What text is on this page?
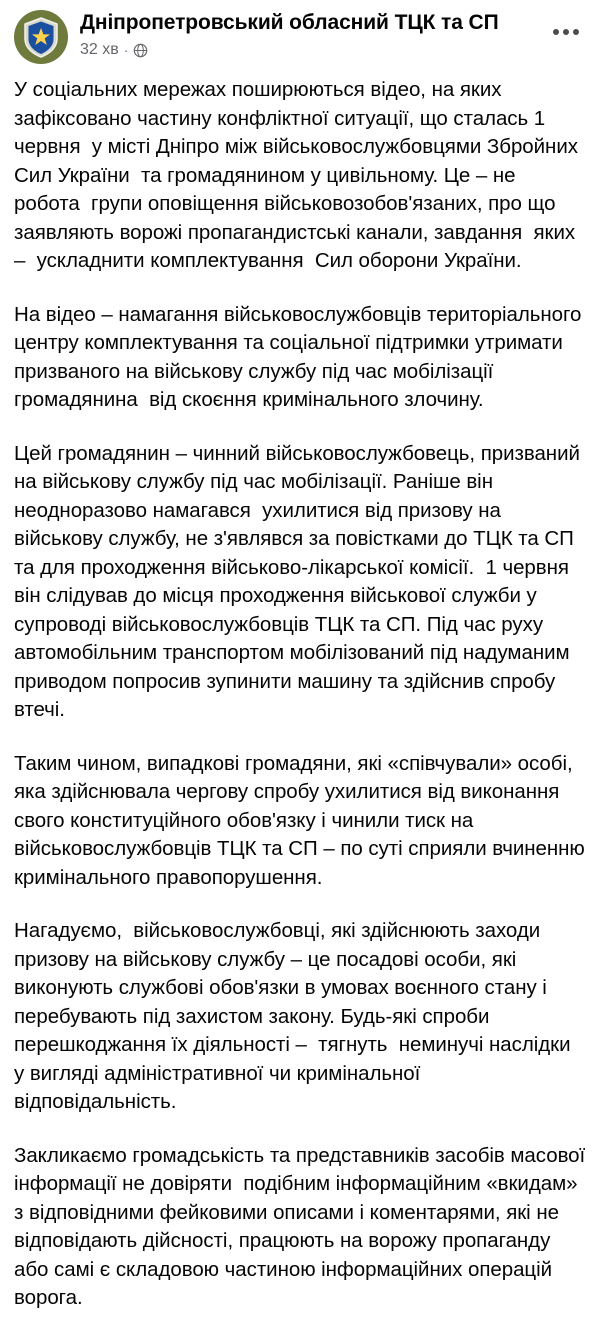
Дніпропетровський обласний ТЦК та СП
32 хв ·

У соціальних мережах поширюються відео, на яких зафіксовано частину конфліктної ситуації, що сталась 1 червня  у місті Дніпро між військовослужбовцями Збройних Сил України  та громадянином у цивільному. Це – не робота  групи оповіщення військовозобов'язаних, про що заявляють ворожі пропагандистські канали, завдання  яких –  ускладнити комплектування  Сил оборони України.

На відео – намагання військовослужбовців територіального центру комплектування та соціальної підтримки утримати призваного на військову службу під час мобілізації громадянина  від скоєння кримінального злочину.

Цей громадянин – чинний військовослужбовець, призваний на військову службу під час мобілізації. Раніше він  неодноразово намагався  ухилитися від призову на військову службу, не з'являвся за повістками до ТЦК та СП та для проходження військово-лікарської комісії.  1 червня він слідував до місця проходження військової служби у супроводі військовослужбовців ТЦК та СП. Під час руху автомобільним транспортом мобілізований під надуманим приводом попросив зупинити машину та здійснив спробу втечі.

Таким чином, випадкові громадяни, які «співчували» особі, яка здійснювала чергову спробу ухилитися від виконання свого конституційного обов'язку і чинили тиск на військовослужбовців ТЦК та СП – по суті сприяли вчиненню кримінального правопорушення.

Нагадуємо,  військовослужбовці, які здійснюють заходи призову на військову службу – це посадові особи, які виконують службові обов'язки в умовах воєнного стану і перебувають під захистом закону. Будь-які спроби перешкоджання їх діяльності –  тягнуть  неминучі наслідки у вигляді адміністративної чи кримінальної відповідальність.

Закликаємо громадськість та представників засобів масової інформації не довіряти  подібним інформаційним «вкидам» з відповідними фейковими описами і коментарями, які не відповідають дійсності, працюють на ворожу пропаганду або самі є складовою частиною інформаційних операцій ворога.
